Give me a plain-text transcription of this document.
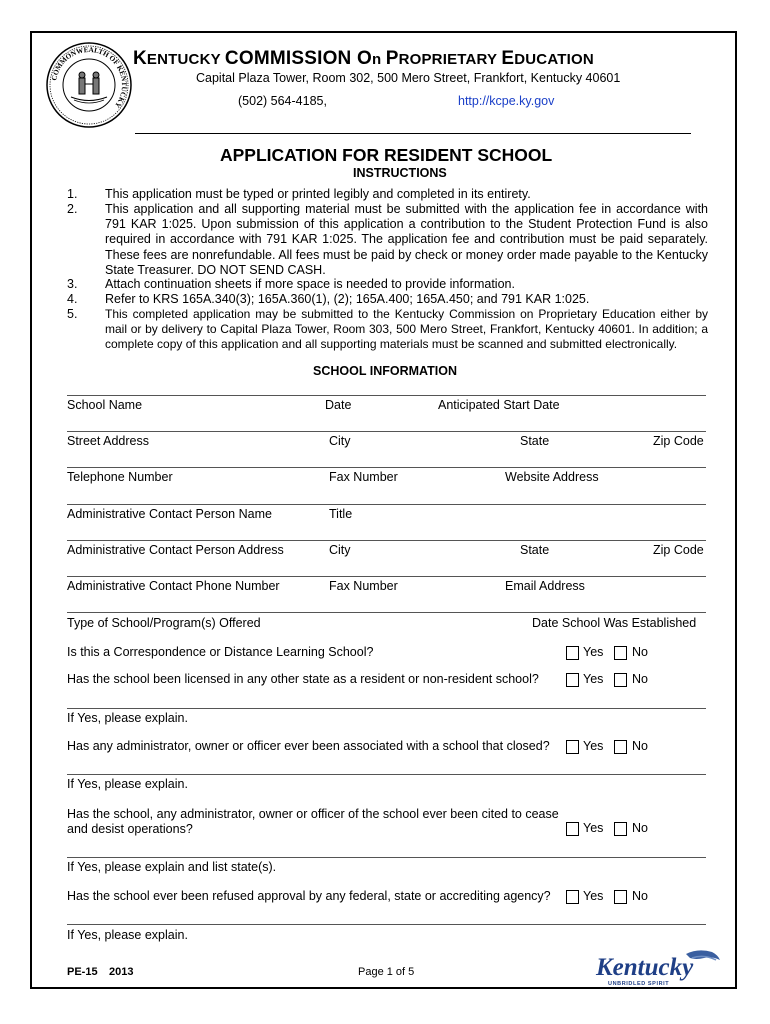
COMMONWEALTH OF KENTUCKY
KENTUCKY COMMISSION On PROPRIETARY EDUCATION
Capital Plaza Tower, Room 302, 500 Mero Street, Frankfort, Kentucky 40601
(502) 564-4185,	http://kcpe.ky.gov
APPLICATION FOR RESIDENT SCHOOL
INSTRUCTIONS
1. This application must be typed or printed legibly and completed in its entirety.
2. This application and all supporting material must be submitted with the application fee in accordance with 791 KAR 1:025. Upon submission of this application a contribution to the Student Protection Fund is also required in accordance with 791 KAR 1:025. The application fee and contribution must be paid separately. These fees are nonrefundable. All fees must be paid by check or money order made payable to the Kentucky State Treasurer. DO NOT SEND CASH.
3. Attach continuation sheets if more space is needed to provide information.
4. Refer to KRS 165A.340(3); 165A.360(1), (2); 165A.400; 165A.450; and 791 KAR 1:025.
5. This completed application may be submitted to the Kentucky Commission on Proprietary Education either by mail or by delivery to Capital Plaza Tower, Room 303, 500 Mero Street, Frankfort, Kentucky 40601. In addition; a complete copy of this application and all supporting materials must be scanned and submitted electronically.
SCHOOL INFORMATION
School Name	Date	Anticipated Start Date
Street Address	City	State	Zip Code
Telephone Number	Fax Number	Website Address
Administrative Contact Person Name	Title
Administrative Contact Person Address	City	State	Zip Code
Administrative Contact Phone Number	Fax Number	Email Address
Type of School/Program(s) Offered	Date School Was Established
Is this a Correspondence or Distance Learning School?	Yes No
Has the school been licensed in any other state as a resident or non-resident school?	Yes No
If Yes, please explain.
Has any administrator, owner or officer ever been associated with a school that closed?	Yes No
If Yes, please explain.
Has the school, any administrator, owner or officer of the school ever been cited to cease
and desist operations?	Yes No
If Yes, please explain and list state(s).
Has the school ever been refused approval by any federal, state or accrediting agency?	Yes No
If Yes, please explain.
PE-15 2013	Page 1 of 5	Kentucky
UNBRIDLED SPIRIT
